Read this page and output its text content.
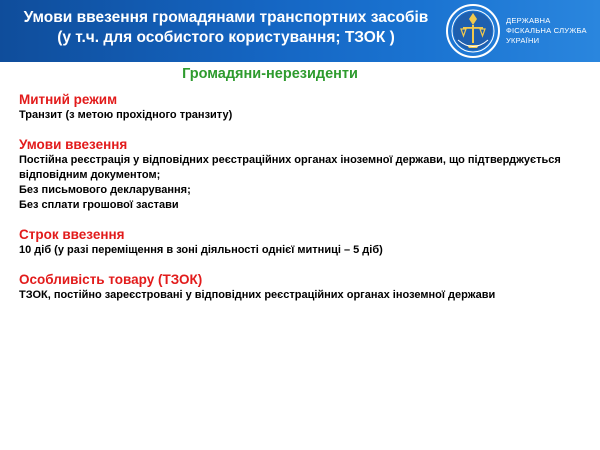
Умови ввезення громадянами транспортних засобів
(у т.ч. для особистого користування; ТЗОК )
ДЕРЖАВНА
ФІСКАЛЬНА СЛУЖБА
УКРАЇНИ
Громадяни-нерезиденти
Митний режим
Транзит (з метою прохідного транзиту)
Умови ввезення
Постійна реєстрація у відповідних реєстраційних органах іноземної держави, що підтверджується
відповідним документом;
Без письмового декларування;
Без сплати грошової застави
Строк ввезення
10 діб (у разі переміщення в зоні діяльності однієї митниці – 5 діб)
Особливість товару (ТЗОК)
ТЗОК, постійно зареєстровані у відповідних реєстраційних органах іноземної держави
